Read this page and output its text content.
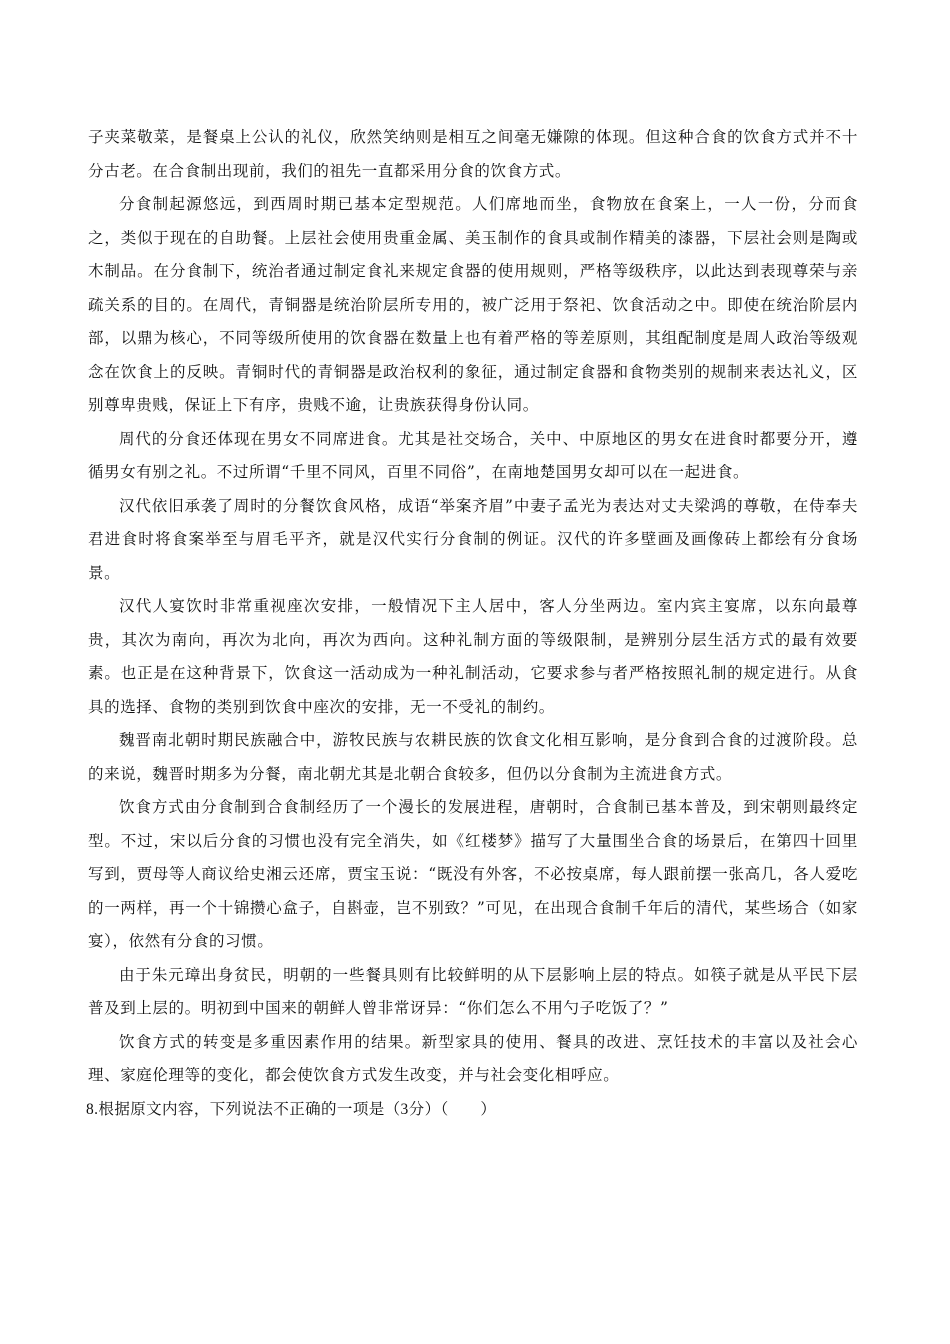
子夹菜敬菜，是餐桌上公认的礼仪，欣然笑纳则是相互之间毫无嫌隙的体现。但这种合食的饮食方式并不十分古老。在合食制出现前，我们的祖先一直都采用分食的饮食方式。

分食制起源悠远，到西周时期已基本定型规范。人们席地而坐，食物放在食案上，一人一份，分而食之，类似于现在的自助餐。上层社会使用贵重金属、美玉制作的食具或制作精美的漆器，下层社会则是陶或木制品。在分食制下，统治者通过制定食礼来规定食器的使用规则，严格等级秩序，以此达到表现尊荣与亲疏关系的目的。在周代，青铜器是统治阶层所专用的，被广泛用于祭祀、饮食活动之中。即使在统治阶层内部，以鼎为核心，不同等级所使用的饮食器在数量上也有着严格的等差原则，其组配制度是周人政治等级观念在饮食上的反映。青铜时代的青铜器是政治权利的象征，通过制定食器和食物类别的规制来表达礼义，区别尊卑贵贱，保证上下有序，贵贱不逾，让贵族获得身份认同。

周代的分食还体现在男女不同席进食。尤其是社交场合，关中、中原地区的男女在进食时都要分开，遵循男女有别之礼。不过所谓“千里不同风，百里不同俗”，在南地楚国男女却可以在一起进食。

汉代依旧承袭了周时的分餐饮食风格，成语“举案齐眉”中妻子孟光为表达对丈夫梁鸿的尊敬，在侍奉夫君进食时将食案举至与眉毛平齐，就是汉代实行分食制的例证。汉代的许多壁画及画像砖上都绘有分食场景。

汉代人宴饮时非常重视座次安排，一般情况下主人居中，客人分坐两边。室内宾主宴席，以东向最尊贵，其次为南向，再次为北向，再次为西向。这种礼制方面的等级限制，是辨别分层生活方式的最有效要素。也正是在这种背景下，饮食这一活动成为一种礼制活动，它要求参与者严格按照礼制的规定进行。从食具的选择、食物的类别到饮食中座次的安排，无一不受礼的制约。

魏晋南北朝时期民族融合中，游牧民族与农耕民族的饮食文化相互影响，是分食到合食的过渡阶段。总的来说，魏晋时期多为分餐，南北朝尤其是北朝合食较多，但仍以分食制为主流进食方式。

饮食方式由分食制到合食制经历了一个漫长的发展进程，唐朝时，合食制已基本普及，到宋朝则最终定型。不过，宋以后分食的习惯也没有完全消失，如《红楼梦》描写了大量围坐合食的场景后，在第四十回里写到，贾母等人商议给史湘云还席，贾宝玉说：“既没有外客，不必按桌席，每人跟前摆一张高几，各人爱吃的一两样，再一个十锦攒心盒子，自斟壶，岂不别致？”可见，在出现合食制千年后的清代，某些场合（如家宴），依然有分食的习惯。

由于朱元璋出身贫民，明朝的一些餐具则有比较鲜明的从下层影响上层的特点。如筷子就是从平民下层普及到上层的。明初到中国来的朝鲜人曾非常讶异：“你们怎么不用勺子吃饭了？”

饮食方式的转变是多重因素作用的结果。新型家具的使用、餐具的改进、烹饪技术的丰富以及社会心理、家庭伦理等的变化，都会使饮食方式发生改变，并与社会变化相呼应。

8.根据原文内容，下列说法不正确的一项是（3分）（　　）
